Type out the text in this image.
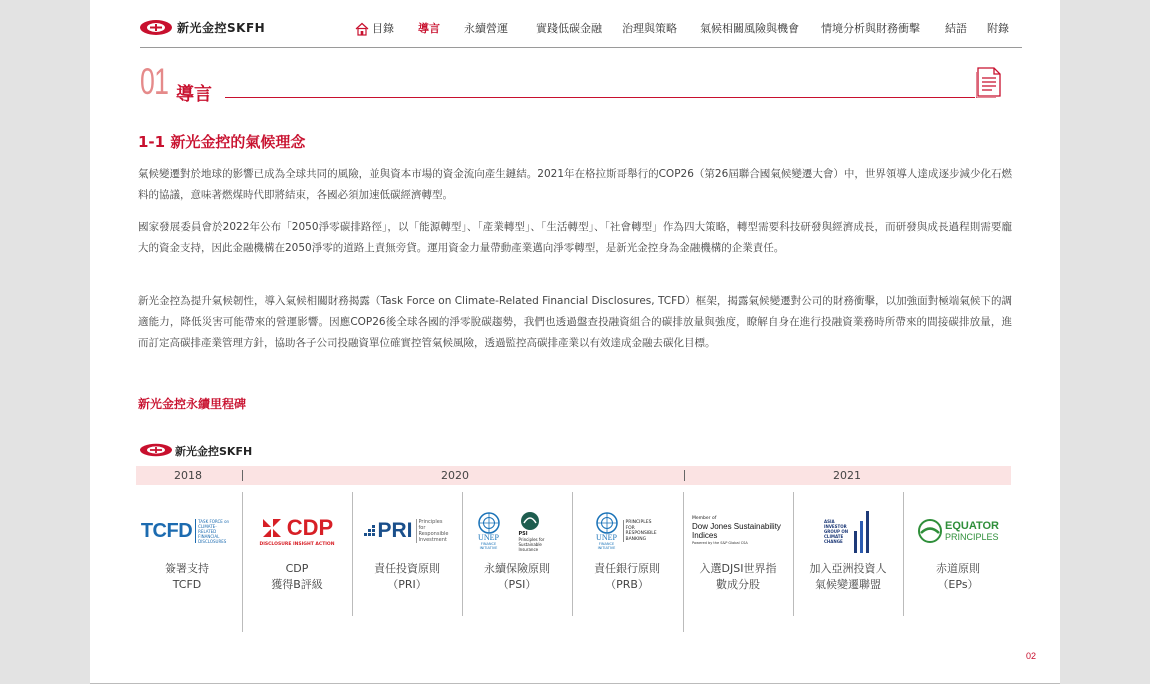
新光金控SKFH	目錄 導言 永續營運	實踐低碳金融 治理與策略 氣候相關風險與機會 情境分析與財務衝擊 結語 附錄
01 導言
1-1 新光金控的氣候理念

氣候變遷對於地球的影響已成為全球共同的風險，並與資本市場的資金流向產生鏈結。2021年在格拉斯哥舉行的COP26（第26屆聯合國氣候變遷大會）中，世界領導人達成逐步減少化石燃料的協議，意味著燃煤時代即將結束，各國必須加速低碳經濟轉型。

國家發展委員會於2022年公布「2050淨零碳排路徑」，以「能源轉型」、「產業轉型」、「生活轉型」、「社會轉型」作為四大策略，轉型需要科技研發與經濟成長，而研發與成長過程則需要龐大的資金支持，因此金融機構在2050淨零的道路上責無旁貸。運用資金力量帶動產業邁向淨零轉型，是新光金控身為金融機構的企業責任。

新光金控為提升氣候韌性，導入氣候相關財務揭露（Task Force on Climate-Related Financial Disclosures, TCFD）框架，揭露氣候變遷對公司的財務衝擊，以加強面對極端氣候下的調適能力，降低災害可能帶來的營運影響。因應COP26後全球各國的淨零脫碳趨勢，我們也透過盤查投融資組合的碳排放量與強度，瞭解自身在進行投融資業務時所帶來的間接碳排放量，進而訂定高碳排產業管理方針，協助各子公司投融資單位確實控管氣候風險，透過監控高碳排產業以有效達成金融去碳化目標。

新光金控永續里程碑
新光金控SKFH
2018	2020	2021
TCFD	TASK FORCE on CLIMATE-RELATED FINANCIAL DISCLOSURES
簽署支持
TCFD
CDP
DISCLOSURE INSIGHT ACTION
CDP
獲得B評級
PRI	Principles for Responsible Investment
責任投資原則
（PRI）
UNEP
FINANCE INITIATIVE
PSI
Principles for Sustainable Insurance
永續保險原則
（PSI）
UNEP
FINANCE INITIATIVE
PRINCIPLES FOR RESPONSIBLE BANKING
責任銀行原則
（PRB）
Member of
Dow Jones Sustainability Indices
Powered by the S&P Global CSA
入選DJSI世界指
數成分股
ASIA INVESTOR GROUP ON CLIMATE CHANGE
加入亞洲投資人
氣候變遷聯盟
EQUATOR
PRINCIPLES
赤道原則
（EPs）
02
